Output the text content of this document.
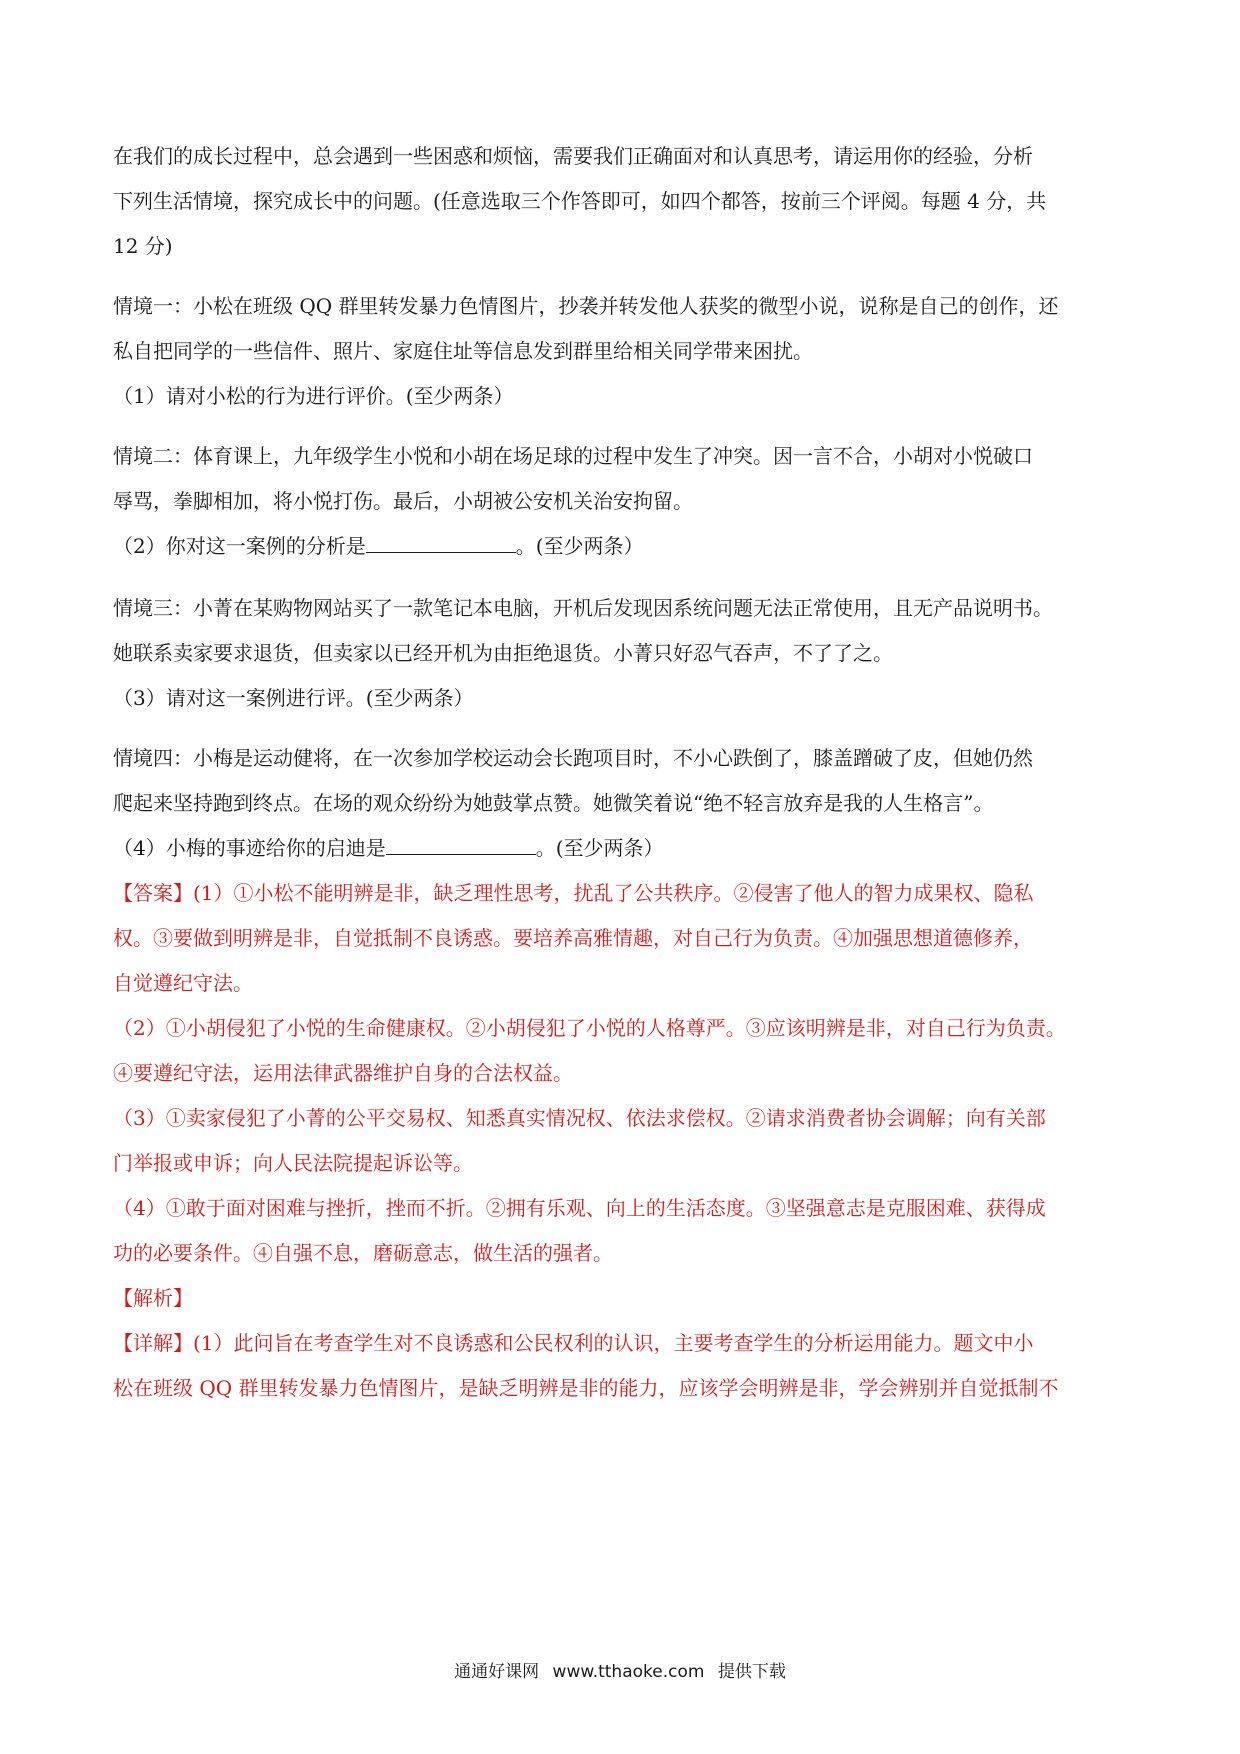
在我们的成长过程中，总会遇到一些困惑和烦恼，需要我们正确面对和认真思考，请运用你的经验，分析
下列生活情境，探究成长中的问题。(任意选取三个作答即可，如四个都答，按前三个评阅。每题 4 分，共
12 分)
情境一：小松在班级 QQ 群里转发暴力色情图片，抄袭并转发他人获奖的微型小说，说称是自己的创作，还
私自把同学的一些信件、照片、家庭住址等信息发到群里给相关同学带来困扰。
（1）请对小松的行为进行评价。(至少两条）
情境二：体育课上，九年级学生小悦和小胡在场足球的过程中发生了冲突。因一言不合，小胡对小悦破口
辱骂，拳脚相加，将小悦打伤。最后，小胡被公安机关治安拘留。
（2）你对这一案例的分析是	。(至少两条）
情境三：小菁在某购物网站买了一款笔记本电脑，开机后发现因系统问题无法正常使用，且无产品说明书。
她联系卖家要求退货，但卖家以已经开机为由拒绝退货。小菁只好忍气吞声，不了了之。
（3）请对这一案例进行评。(至少两条）
情境四：小梅是运动健将，在一次参加学校运动会长跑项目时，不小心跌倒了，膝盖蹭破了皮，但她仍然
爬起来坚持跑到终点。在场的观众纷纷为她鼓掌点赞。她微笑着说“绝不轻言放弃是我的人生格言”。
（4）小梅的事迹给你的启迪是	。(至少两条）
【答案】(1）①小松不能明辨是非，缺乏理性思考，扰乱了公共秩序。②侵害了他人的智力成果权、隐私
权。③要做到明辨是非，自觉抵制不良诱惑。要培养高雅情趣，对自己行为负责。④加强思想道德修养，
自觉遵纪守法。
（2）①小胡侵犯了小悦的生命健康权。②小胡侵犯了小悦的人格尊严。③应该明辨是非，对自己行为负责。
④要遵纪守法，运用法律武器维护自身的合法权益。
（3）①卖家侵犯了小菁的公平交易权、知悉真实情况权、依法求偿权。②请求消费者协会调解；向有关部
门举报或申诉；向人民法院提起诉讼等。
（4）①敢于面对困难与挫折，挫而不折。②拥有乐观、向上的生活态度。③坚强意志是克服困难、获得成
功的必要条件。④自强不息，磨砺意志，做生活的强者。
【解析】
【详解】(1）此问旨在考查学生对不良诱惑和公民权利的认识，主要考查学生的分析运用能力。题文中小
松在班级 QQ 群里转发暴力色情图片，是缺乏明辨是非的能力，应该学会明辨是非，学会辨别并自觉抵制不
通通好课网 www.tthaoke.com 提供下载
